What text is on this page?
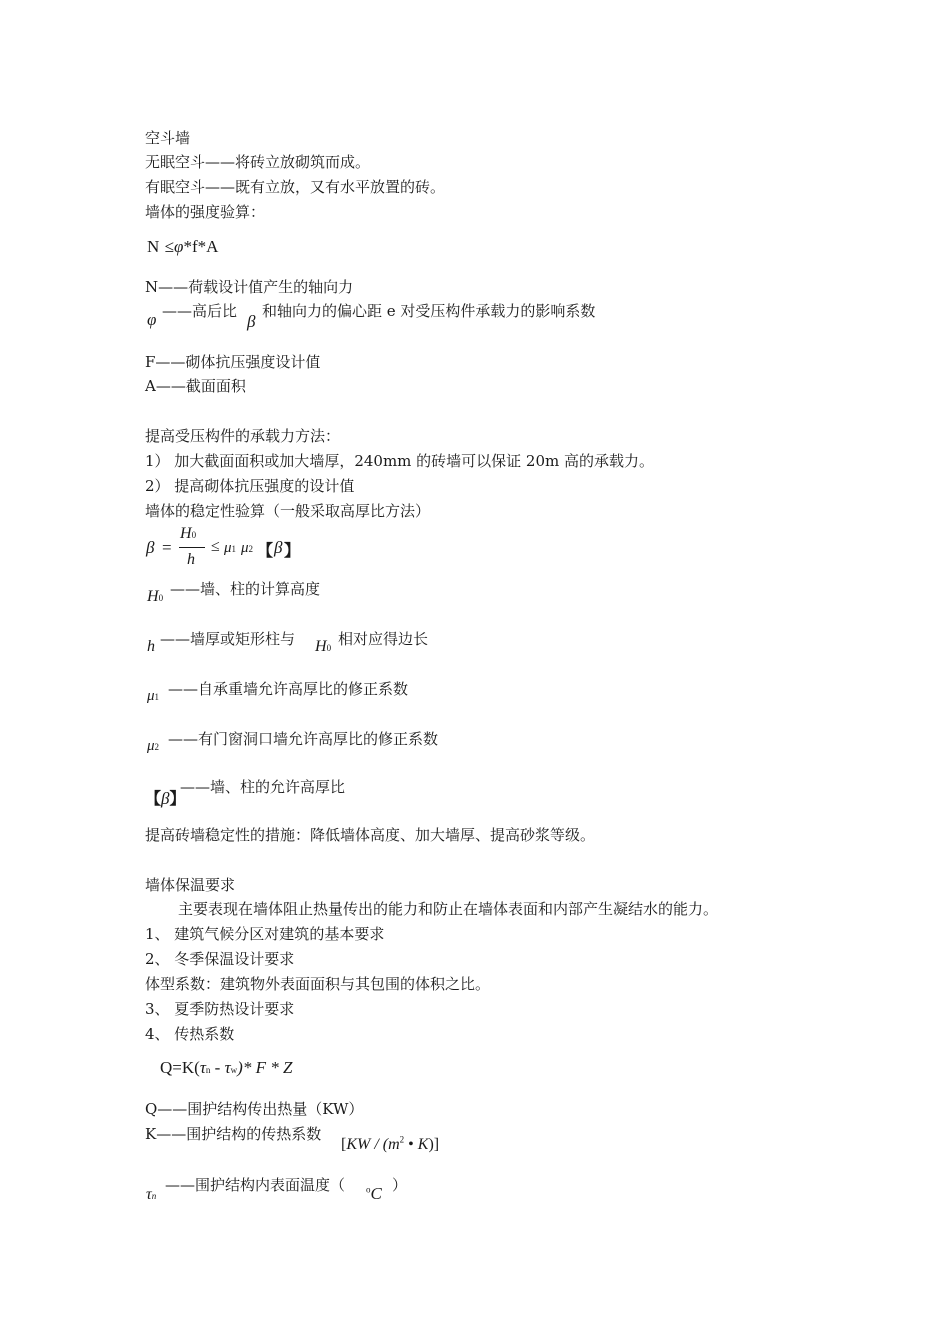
空斗墙
无眠空斗——将砖立放砌筑而成。
有眠空斗——既有立放，又有水平放置的砖。
墙体的强度验算：
N ≤φ*f*A
N——荷载设计值产生的轴向力
φ ——高后比
β
和轴向力的偏心距 e 对受压构件承载力的影响系数
F——砌体抗压强度设计值
A——截面面积
提高受压构件的承载力方法：
1） 加大截面面积或加大墙厚，240mm 的砖墙可以保证 20m 高的承载力。
2） 提高砌体抗压强度的设计值
墙体的稳定性验算（一般采取高厚比方法）
β =
H0
h
≤ μ1 μ2 【 β 】
H0 ——墙、柱的计算高度
h ——墙厚或矩形柱与 H0 相对应得边长
μ1 ——自承重墙允许高厚比的修正系数
μ2 ——有门窗洞口墙允许高厚比的修正系数
【β】
——墙、柱的允许高厚比
提高砖墙稳定性的措施：降低墙体高度、加大墙厚、提高砂浆等级。
墙体保温要求
主要表现在墙体阻止热量传出的能力和防止在墙体表面和内部产生凝结水的能力。
1、 建筑气候分区对建筑的基本要求
2、 冬季保温设计要求
体型系数：建筑物外表面面积与其包围的体积之比。
3、 夏季防热设计要求
4、 传热系数
Q=K(τn - τw)* F * Z
Q——围护结构传出热量（KW）
K——围护结构的传热系数
[$KW / (m^2$ • K)]
τn
——围护结构内表面温度（ $^o$C ）
